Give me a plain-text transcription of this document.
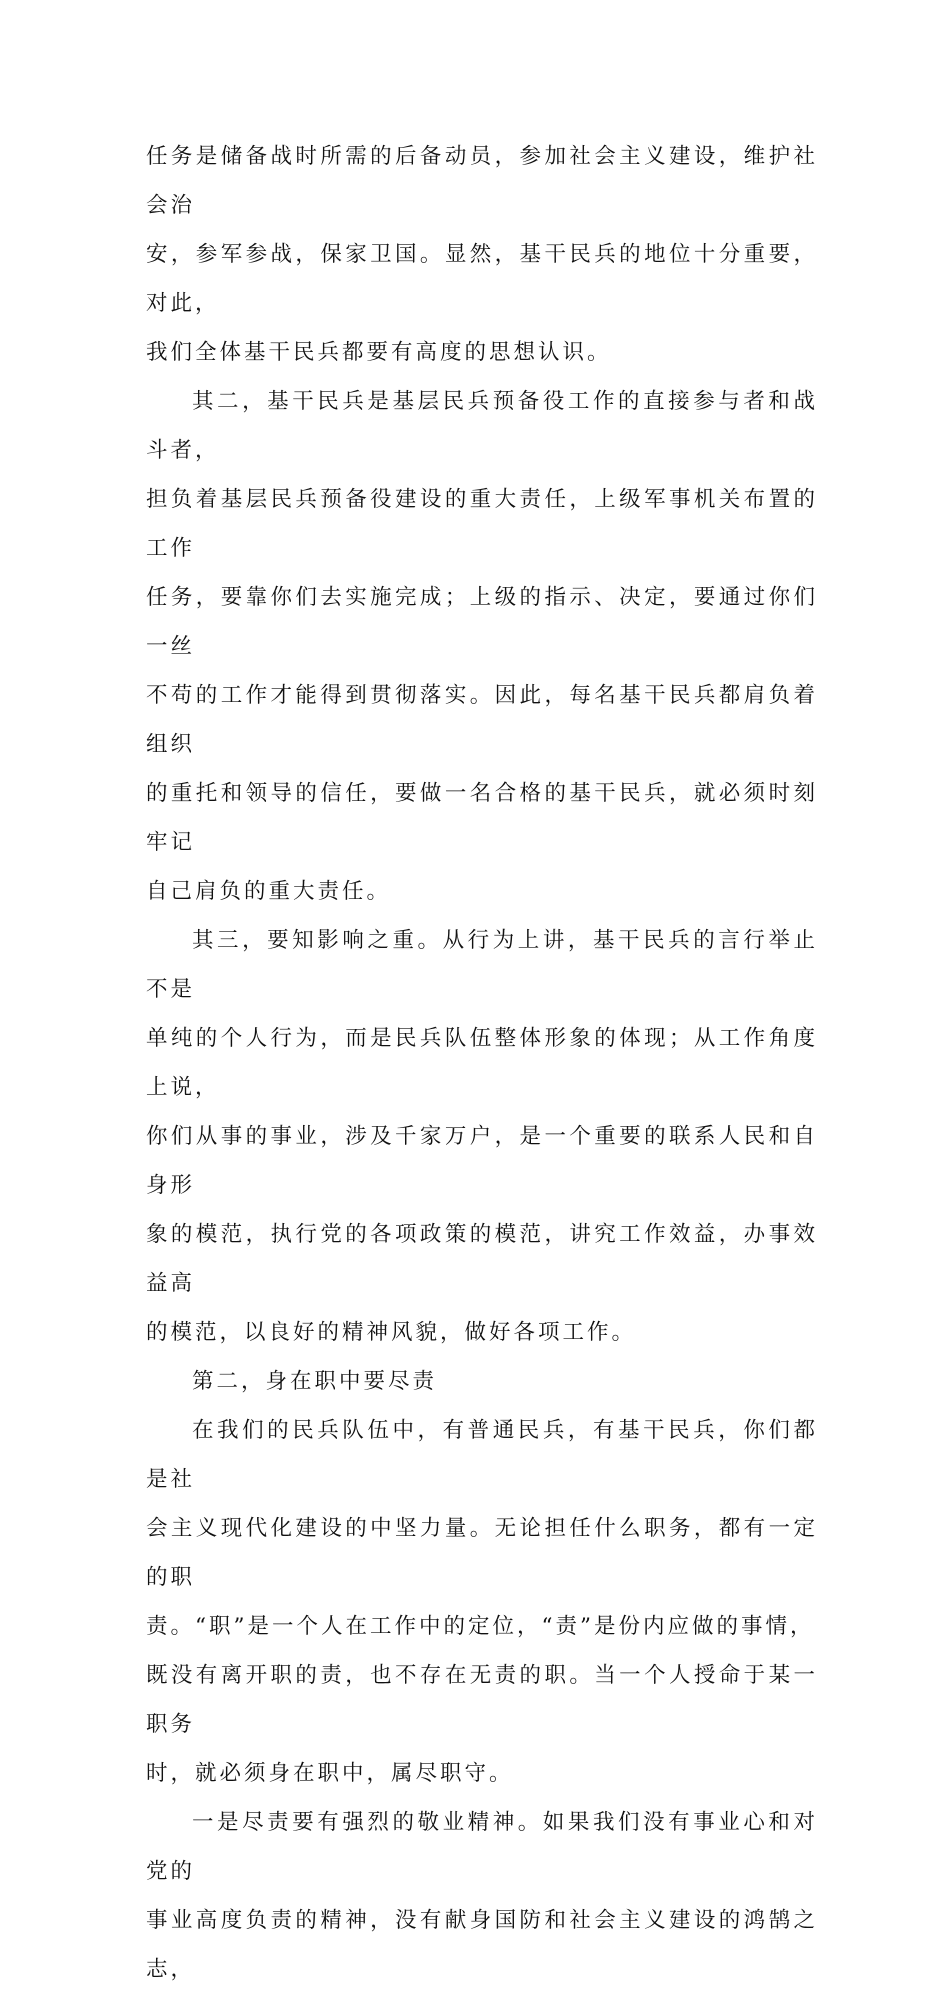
任务是储备战时所需的后备动员，参加社会主义建设，维护社会治
安，参军参战，保家卫国。显然，基干民兵的地位十分重要，对此，
我们全体基干民兵都要有高度的思想认识。

其二，基干民兵是基层民兵预备役工作的直接参与者和战斗者，
担负着基层民兵预备役建设的重大责任，上级军事机关布置的工作
任务，要靠你们去实施完成；上级的指示、决定，要通过你们一丝
不苟的工作才能得到贯彻落实。因此，每名基干民兵都肩负着组织
的重托和领导的信任，要做一名合格的基干民兵，就必须时刻牢记
自己肩负的重大责任。

其三，要知影响之重。从行为上讲，基干民兵的言行举止不是
单纯的个人行为，而是民兵队伍整体形象的体现；从工作角度上说，
你们从事的事业，涉及千家万户，是一个重要的联系人民和自身形
象的模范，执行党的各项政策的模范，讲究工作效益，办事效益高
的模范，以良好的精神风貌，做好各项工作。

第二，身在职中要尽责

在我们的民兵队伍中，有普通民兵，有基干民兵，你们都是社
会主义现代化建设的中坚力量。无论担任什么职务，都有一定的职
责。“职”是一个人在工作中的定位，“责”是份内应做的事情，
既没有离开职的责，也不存在无责的职。当一个人授命于某一职务
时，就必须身在职中，属尽职守。

一是尽责要有强烈的敬业精神。如果我们没有事业心和对党的
事业高度负责的精神，没有献身国防和社会主义建设的鸿鹄之志，
